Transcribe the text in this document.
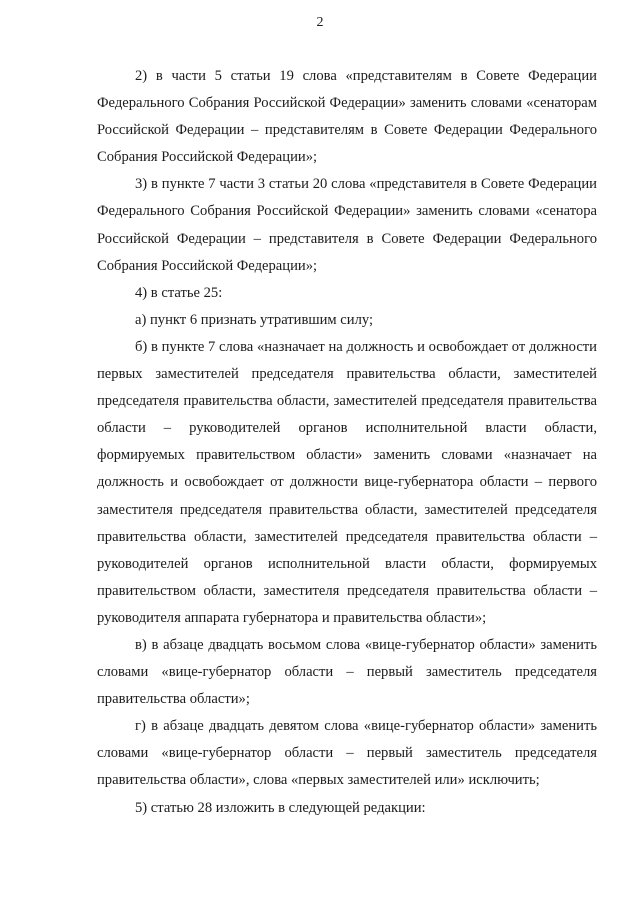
2

2) в части 5 статьи 19 слова «представителям в Совете Федерации Федерального Собрания Российской Федерации» заменить словами «сенаторам Российской Федерации – представителям в Совете Федерации Федерального Собрания Российской Федерации»;

3) в пункте 7 части 3 статьи 20 слова «представителя в Совете Федерации Федерального Собрания Российской Федерации» заменить словами «сенатора Российской Федерации – представителя в Совете Федерации Федерального Собрания Российской Федерации»;

4) в статье 25:

а) пункт 6 признать утратившим силу;

б) в пункте 7 слова «назначает на должность и освобождает от должности первых заместителей председателя правительства области, заместителей председателя правительства области, заместителей председателя правительства области – руководителей органов исполнительной власти области, формируемых правительством области» заменить словами «назначает на должность и освобождает от должности вице-губернатора области – первого заместителя председателя правительства области, заместителей председателя правительства области, заместителей председателя правительства области – руководителей органов исполнительной власти области, формируемых правительством области, заместителя председателя правительства области – руководителя аппарата губернатора и правительства области»;

в) в абзаце двадцать восьмом слова «вице-губернатор области» заменить словами «вице-губернатор области – первый заместитель председателя правительства области»;

г) в абзаце двадцать девятом слова «вице-губернатор области» заменить словами «вице-губернатор области – первый заместитель председателя правительства области», слова «первых заместителей или» исключить;

5) статью 28 изложить в следующей редакции:
